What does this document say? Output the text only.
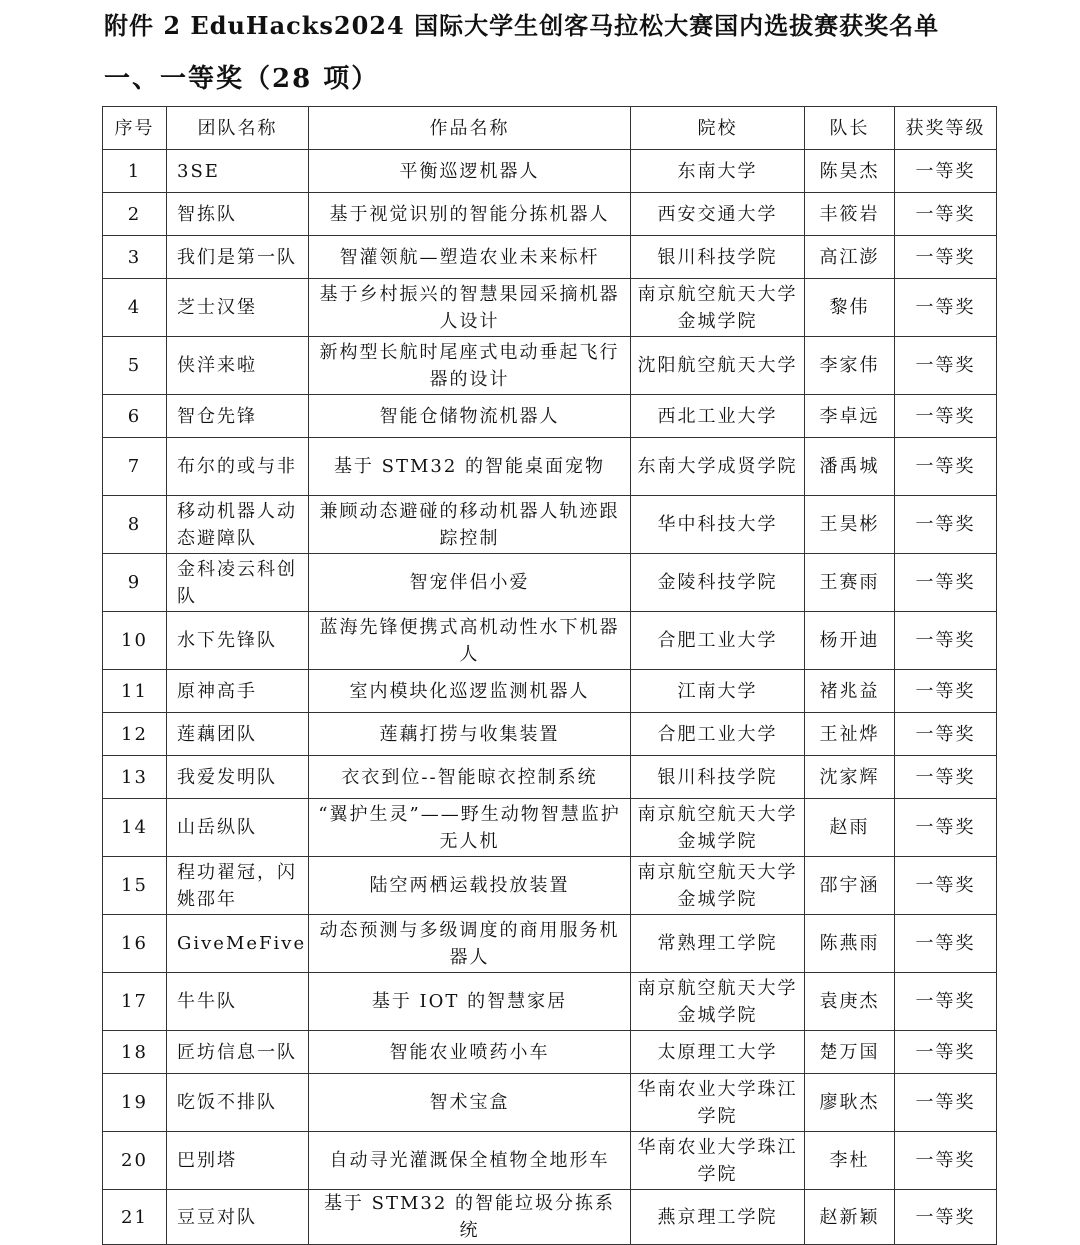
附件 2 EduHacks2024 国际大学生创客马拉松大赛国内选拔赛获奖名单
一、一等奖（28 项）
序号	团队名称	作品名称	院校	队长	获奖等级
1	3SE	平衡巡逻机器人	东南大学	陈昊杰	一等奖
2	智拣队	基于视觉识别的智能分拣机器人	西安交通大学	丰筱岩	一等奖
3	我们是第一队	智灌领航—塑造农业未来标杆	银川科技学院	高江澎	一等奖
4	芝士汉堡	基于乡村振兴的智慧果园采摘机器人设计	南京航空航天大学金城学院	黎伟	一等奖
5	侠洋来啦	新构型长航时尾座式电动垂起飞行器的设计	沈阳航空航天大学	李家伟	一等奖
6	智仓先锋	智能仓储物流机器人	西北工业大学	李卓远	一等奖
7	布尔的或与非	基于 STM32 的智能桌面宠物	东南大学成贤学院	潘禹城	一等奖
8	移动机器人动态避障队	兼顾动态避碰的移动机器人轨迹跟踪控制	华中科技大学	王昊彬	一等奖
9	金科凌云科创队	智宠伴侣小爱	金陵科技学院	王赛雨	一等奖
10	水下先锋队	蓝海先锋便携式高机动性水下机器人	合肥工业大学	杨开迪	一等奖
11	原神高手	室内模块化巡逻监测机器人	江南大学	褚兆益	一等奖
12	莲藕团队	莲藕打捞与收集装置	合肥工业大学	王祉烨	一等奖
13	我爱发明队	衣衣到位--智能晾衣控制系统	银川科技学院	沈家辉	一等奖
14	山岳纵队	“翼护生灵”——野生动物智慧监护无人机	南京航空航天大学金城学院	赵雨	一等奖
15	程功翟冠，闪姚邵年	陆空两栖运载投放装置	南京航空航天大学金城学院	邵宇涵	一等奖
16	GiveMeFive	动态预测与多级调度的商用服务机器人	常熟理工学院	陈燕雨	一等奖
17	牛牛队	基于 IOT 的智慧家居	南京航空航天大学金城学院	袁庚杰	一等奖
18	匠坊信息一队	智能农业喷药小车	太原理工大学	楚万国	一等奖
19	吃饭不排队	智术宝盒	华南农业大学珠江学院	廖耿杰	一等奖
20	巴别塔	自动寻光灌溉保全植物全地形车	华南农业大学珠江学院	李杜	一等奖
21	豆豆对队	基于 STM32 的智能垃圾分拣系统	燕京理工学院	赵新颖	一等奖
